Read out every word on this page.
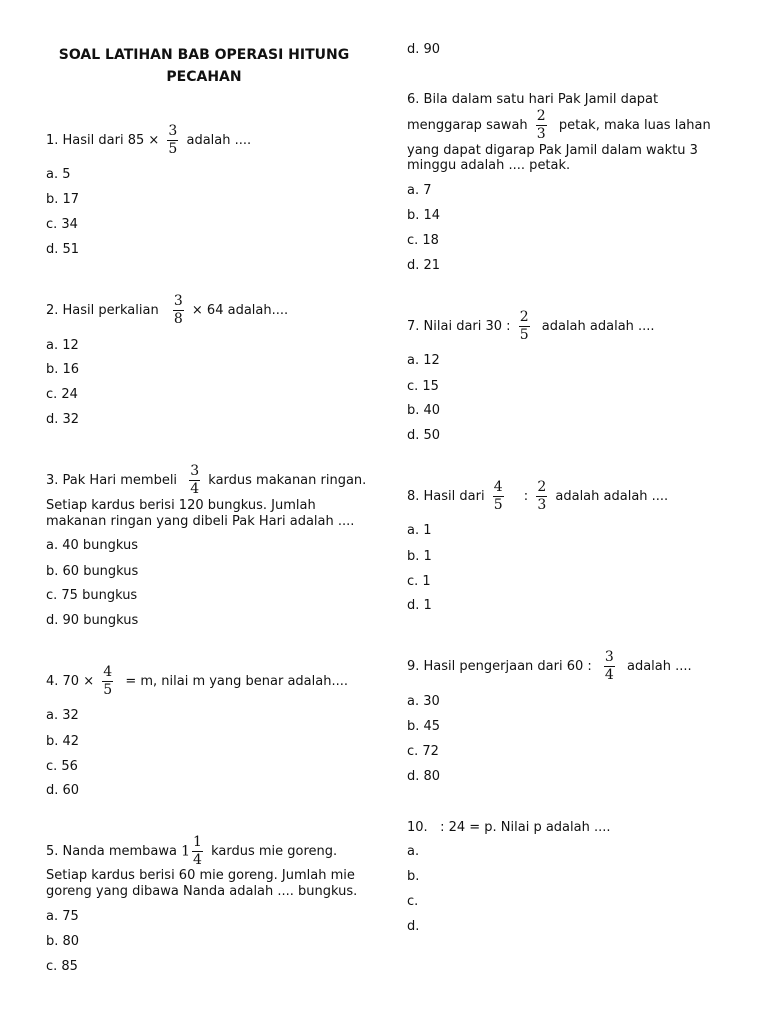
SOAL LATIHAN BAB OPERASI HITUNG
PECAHAN
1. Hasil dari $85 \times \frac{3}{5}$ adalah ....
a. 5
b. 17
c. 34
d. 51
2. Hasil perkalian $\frac{3}{8} \times 64$ adalah....
a. 12
b. 16
c. 24
d. 32
3. Pak Hari membeli $\frac{3}{4}$ kardus makanan ringan.
Setiap kardus berisi 120 bungkus. Jumlah
makanan ringan yang dibeli Pak Hari adalah ....
a. 40 bungkus
b. 60 bungkus
c. 75 bungkus
d. 90 bungkus
4. $70 \times \frac{4}{5} = m$, nilai m yang benar adalah....
a. 32
b. 42
c. 56
d. 60
5. Nanda membawa $1 \frac{1}{4}$ kardus mie goreng.
Setiap kardus berisi 60 mie goreng. Jumlah mie
goreng yang dibawa Nanda adalah .... bungkus.
a. 75
b. 80
c. 85
d. 90
6. Bila dalam satu hari Pak Jamil dapat
menggarap sawah $\frac{2}{3}$ petak, maka luas lahan
yang dapat digarap Pak Jamil dalam waktu 3
minggu adalah .... petak.
a. 7
b. 14
c. 18
d. 21
7. Nilai dari 30 : $\frac{2}{5}$ adalah adalah ....
a. 12
c. 15
b. 40
d. 50
8. Hasil dari $\frac{4}{5}$ : $\frac{2}{3}$ adalah adalah ....
a. 1
b. 1
c. 1
d. 1
9. Hasil pengerjaan dari 60 : $\frac{3}{4}$ adalah ....
a. 30
b. 45
c. 72
d. 80
10.   : 24 = p. Nilai p adalah ....
a.
b.
c.
d.
